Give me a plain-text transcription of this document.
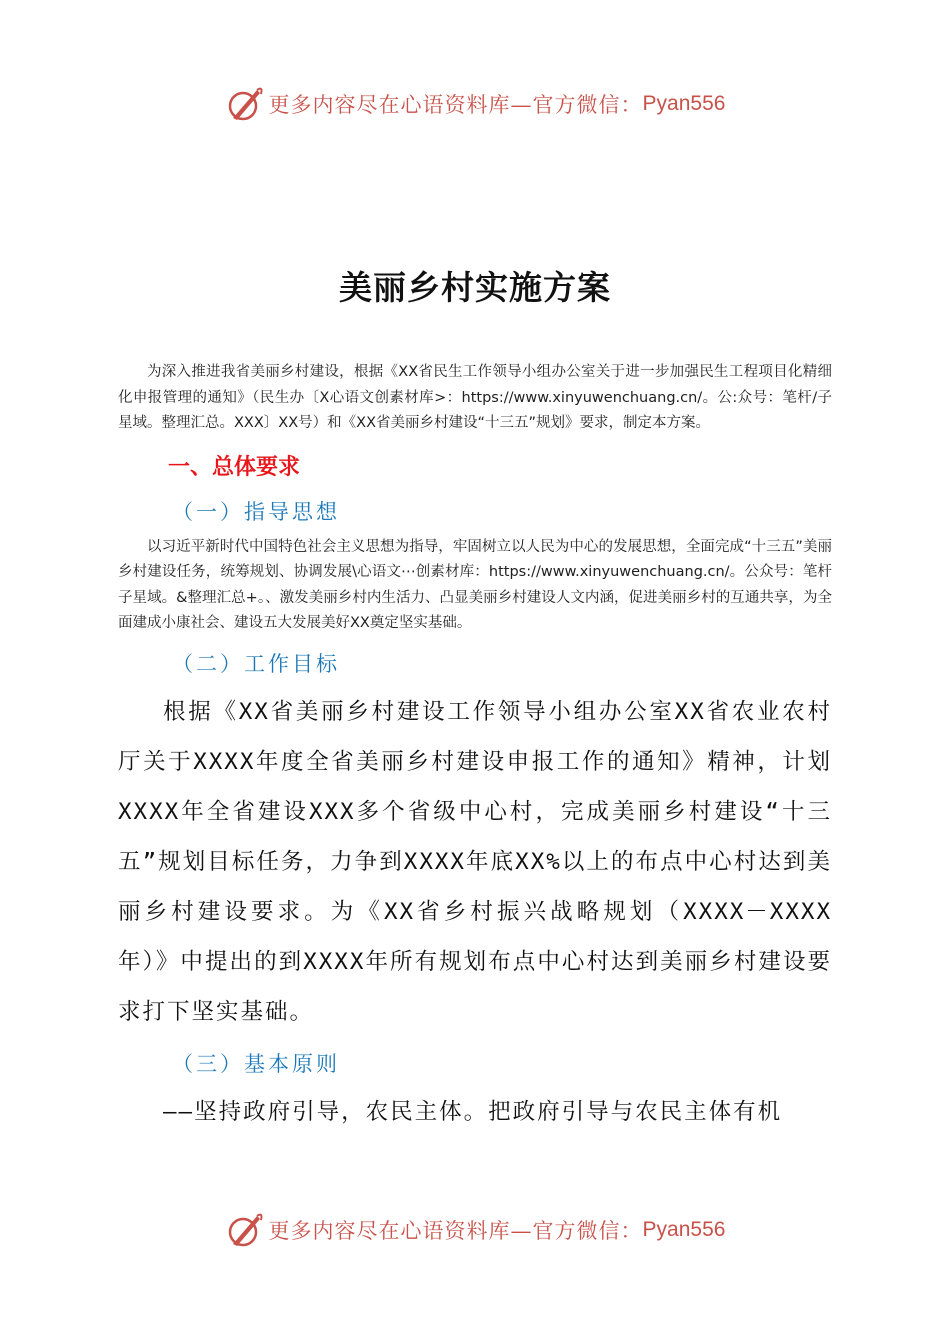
更多内容尽在心语资料库—官方微信： Pyan556
美丽乡村实施方案

为深入推进我省美丽乡村建设，根据《XX省民生工作领导小组办公室关于进一步加强民生工程项目化精细化申报管理的通知》（民生办〔X心语文创素材库>：https://www.xinyuwenchuang.cn/。公:众号：笔杆/子星域。整理汇总。XXX〕XX号）和《XX省美丽乡村建设“十三五”规划》要求，制定本方案。

一、总体要求
（一）指导思想

以习近平新时代中国特色社会主义思想为指导，牢固树立以人民为中心的发展思想，全面完成“十三五”美丽乡村建设任务，统筹规划、协调发展\心语文⋯创素材库：https://www.xinyuwenchuang.cn/。公众号：笔杆子星域。&整理汇总+。、激发美丽乡村内生活力、凸显美丽乡村建设人文内涵，促进美丽乡村的互通共享，为全面建成小康社会、建设五大发展美好XX奠定坚实基础。

（二）工作目标

根据《XX省美丽乡村建设工作领导小组办公室XX省农业农村厅关于XXXX年度全省美丽乡村建设申报工作的通知》精神，计划XXXX年全省建设XXX多个省级中心村，完成美丽乡村建设“十三五”规划目标任务，力争到XXXX年底XX%以上的布点中心村达到美丽乡村建设要求。为《XX省乡村振兴战略规划（XXXX－XXXX年）》中提出的到XXXX年所有规划布点中心村达到美丽乡村建设要求打下坚实基础。

（三）基本原则

——坚持政府引导，农民主体。把政府引导与农民主体有机

更多内容尽在心语资料库—官方微信： Pyan556
